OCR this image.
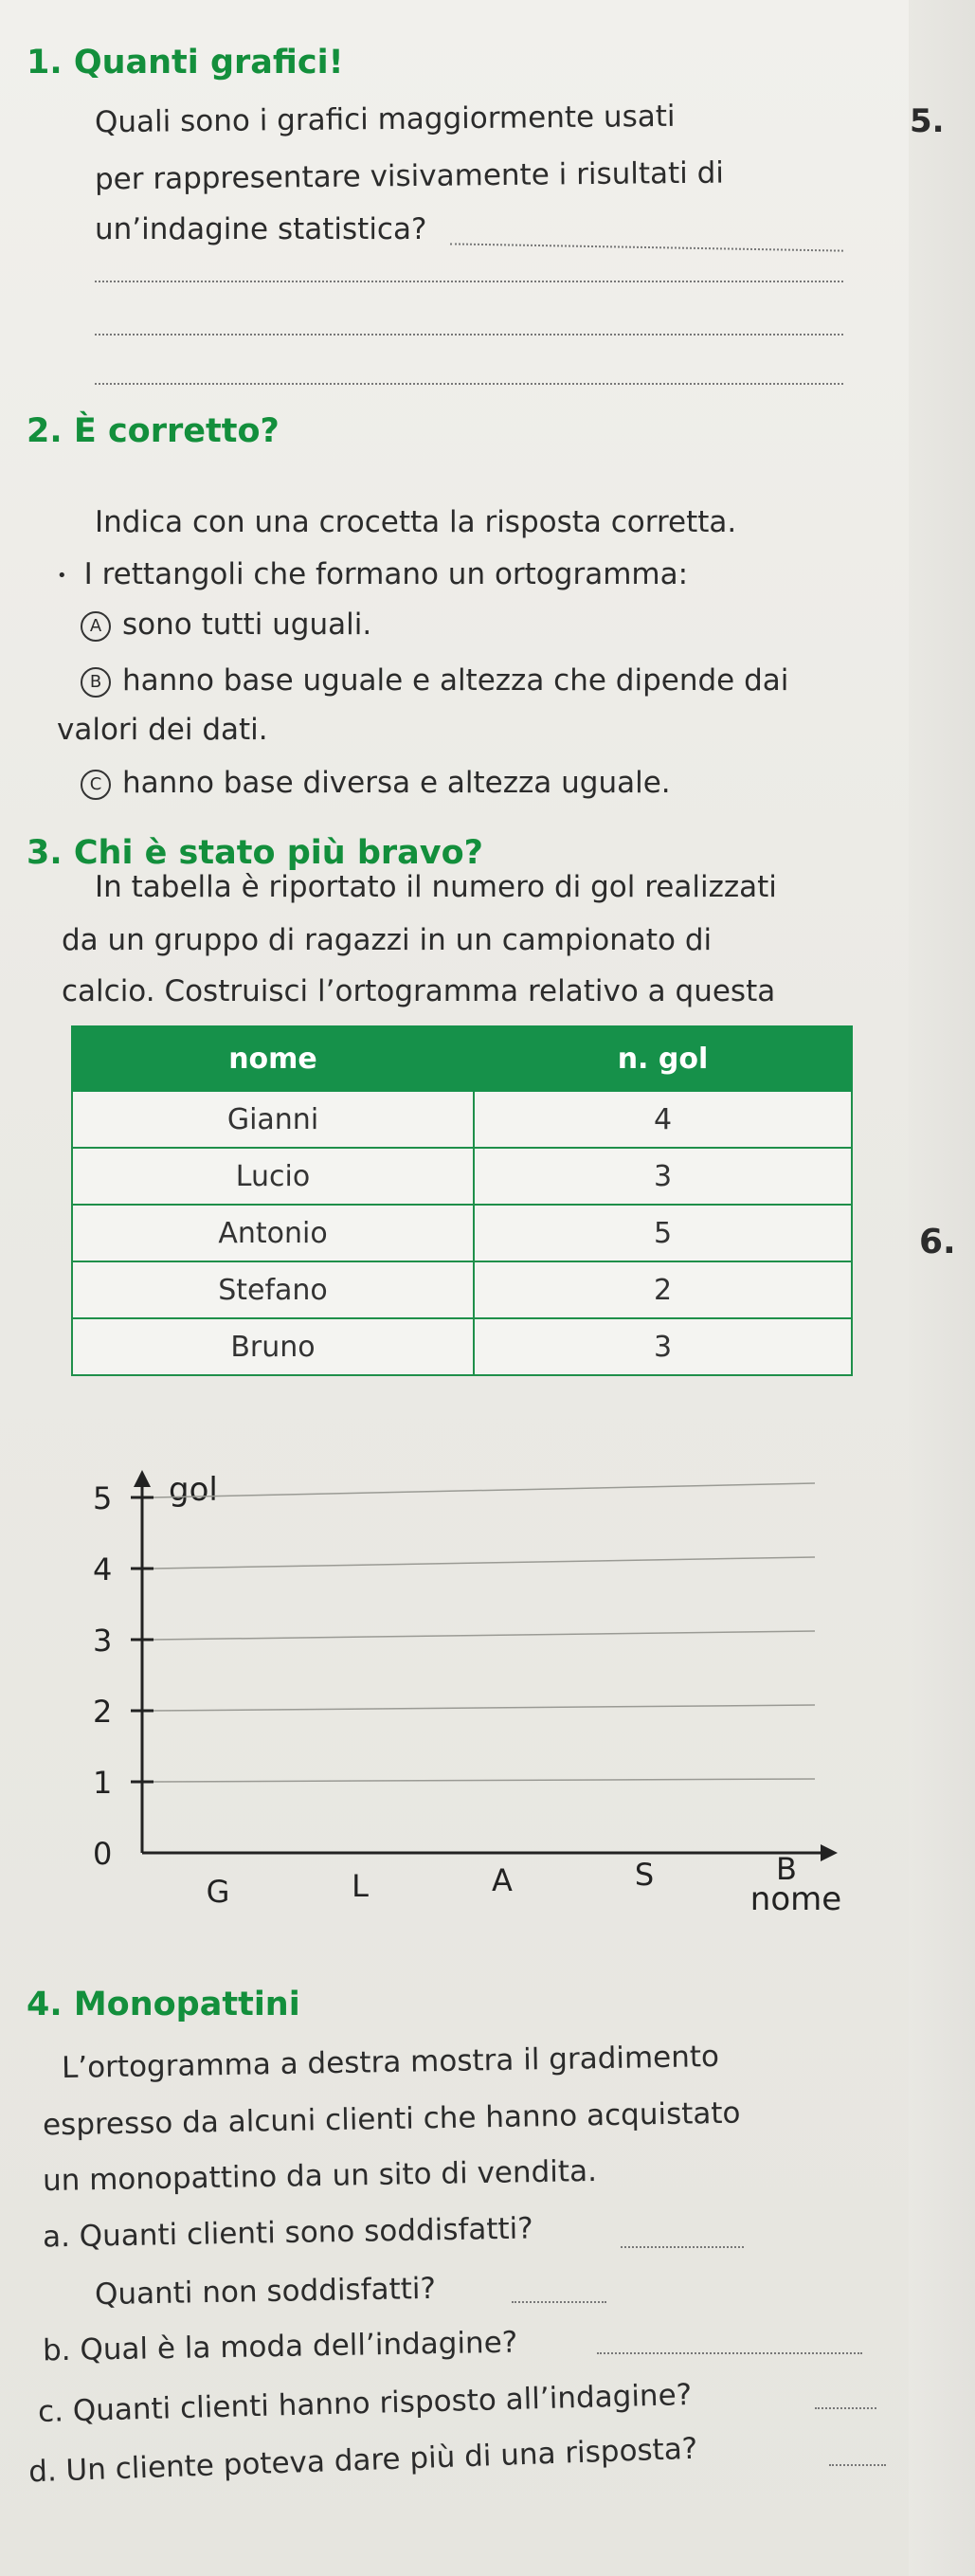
1. Quanti grafici!
Quali sono i grafici maggiormente usati
per rappresentare visivamente i risultati di
un’indagine statistica?
5.
2. È corretto?
Indica con una crocetta la risposta corretta.
• I rettangoli che formano un ortogramma:
A sono tutti uguali.
B hanno base uguale e altezza che dipende dai
valori dei dati.
C hanno base diversa e altezza uguale.
3. Chi è stato più bravo?
In tabella è riportato il numero di gol realizzati
da un gruppo di ragazzi in un campionato di
calcio. Costruisci l’ortogramma relativo a questa
nome	n. gol
Gianni	4
Lucio	3
Antonio	5
Stefano	2
Bruno	3
6.
gol
0
1
2
3
4
5
G	L	A	S	B
nome
4. Monopattini
L’ortogramma a destra mostra il gradimento
espresso da alcuni clienti che hanno acquistato
un monopattino da un sito di vendita.
a. Quanti clienti sono soddisfatti?
Quanti non soddisfatti?
b. Qual è la moda dell’indagine?
c. Quanti clienti hanno risposto all’indagine?
d. Un cliente poteva dare più di una risposta?
